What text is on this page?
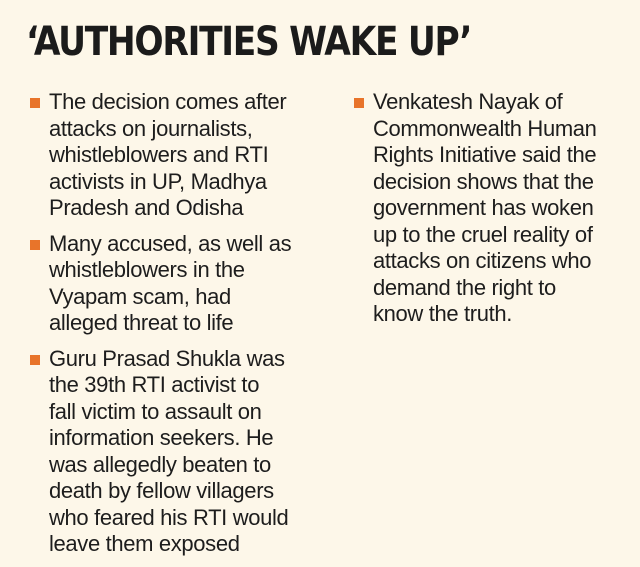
‘AUTHORITIES WAKE UP’
The decision comes after
attacks on journalists,
whistleblowers and RTI
activists in UP, Madhya
Pradesh and Odisha
Many accused, as well as
whistleblowers in the
Vyapam scam, had
alleged threat to life
Guru Prasad Shukla was
the 39th RTI activist to
fall victim to assault on
information seekers. He
was allegedly beaten to
death by fellow villagers
who feared his RTI would
leave them exposed
Venkatesh Nayak of
Commonwealth Human
Rights Initiative said the
decision shows that the
government has woken
up to the cruel reality of
attacks on citizens who
demand the right to
know the truth.
